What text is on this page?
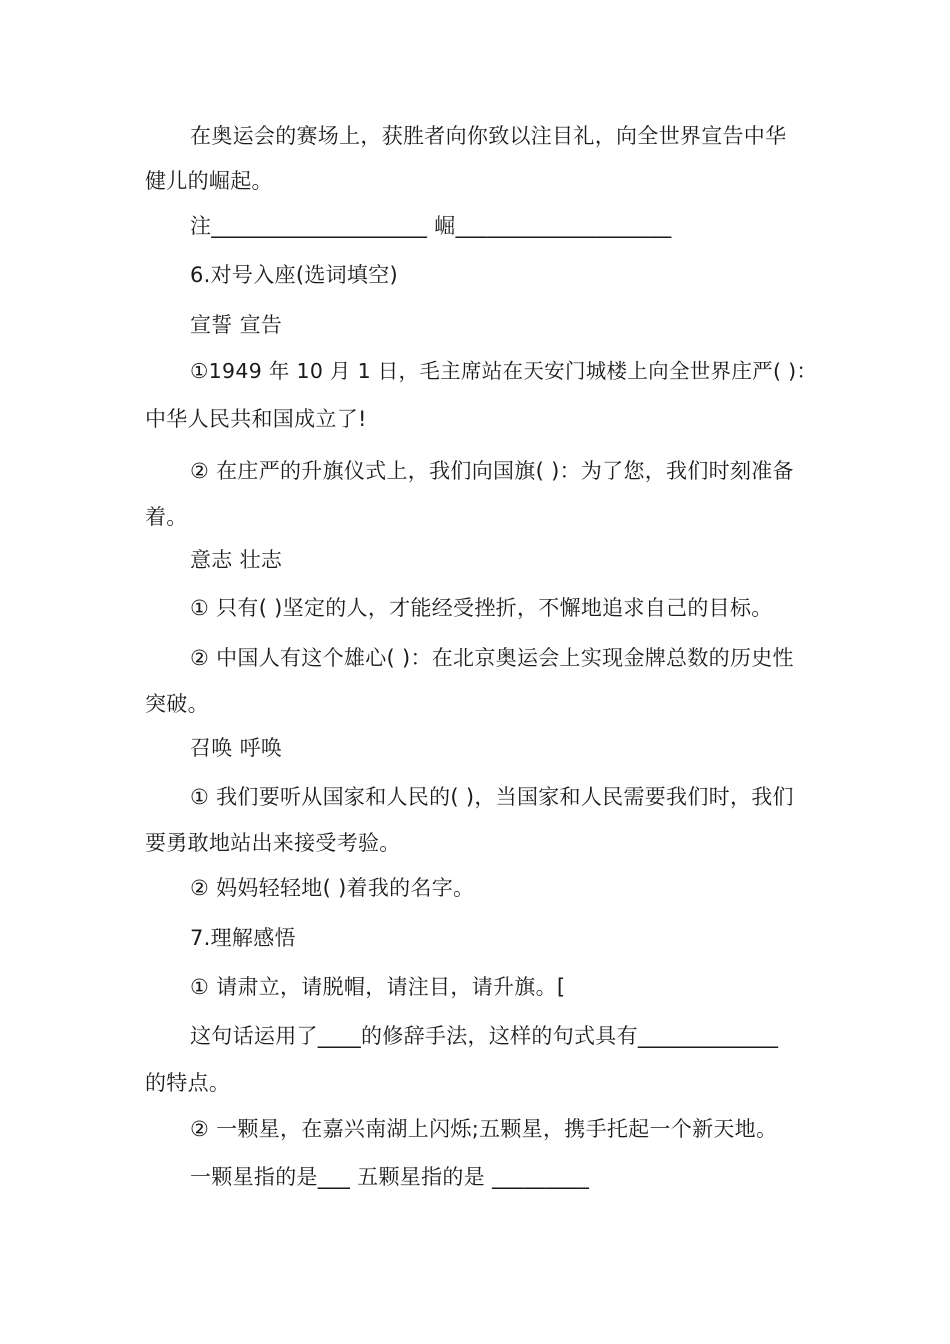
在奥运会的赛场上，获胜者向你致以注目礼，向全世界宣告中华
健儿的崛起。
注____________________ 崛____________________
6.对号入座(选词填空)
宣誓 宣告
①1949 年 10 月 1 日，毛主席站在天安门城楼上向全世界庄严( )：
中华人民共和国成立了!
② 在庄严的升旗仪式上，我们向国旗( )：为了您，我们时刻准备
着。
意志 壮志
① 只有( )坚定的人，才能经受挫折，不懈地追求自己的目标。
② 中国人有这个雄心( )：在北京奥运会上实现金牌总数的历史性
突破。
召唤 呼唤
① 我们要听从国家和人民的( )，当国家和人民需要我们时，我们
要勇敢地站出来接受考验。
② 妈妈轻轻地( )着我的名字。
7.理解感悟
① 请肃立，请脱帽，请注目，请升旗。[
这句话运用了____的修辞手法，这样的句式具有_____________
的特点。
② 一颗星，在嘉兴南湖上闪烁;五颗星，携手托起一个新天地。
一颗星指的是___ 五颗星指的是 _________
